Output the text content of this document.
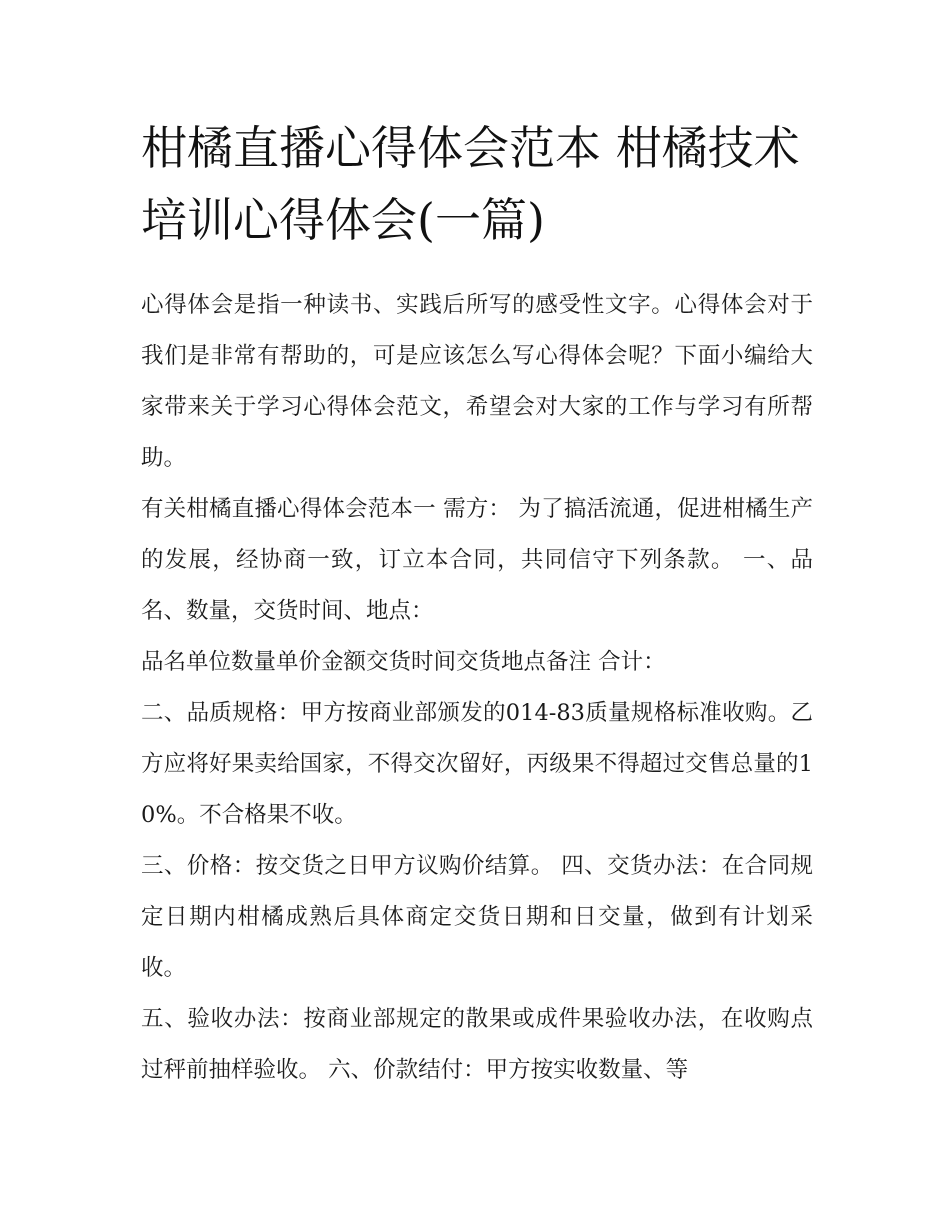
柑橘直播心得体会范本 柑橘技术培训心得体会(一篇)

心得体会是指一种读书、实践后所写的感受性文字。心得体会对于我们是非常有帮助的，可是应该怎么写心得体会呢？下面小编给大家带来关于学习心得体会范文，希望会对大家的工作与学习有所帮助。

有关柑橘直播心得体会范本一 需方： 为了搞活流通，促进柑橘生产的发展，经协商一致，订立本合同，共同信守下列条款。 一、品名、数量，交货时间、地点：

品名单位数量单价金额交货时间交货地点备注 合计：

二、品质规格：甲方按商业部颁发的014-83质量规格标准收购。乙方应将好果卖给国家，不得交次留好，丙级果不得超过交售总量的10%。不合格果不收。

三、价格：按交货之日甲方议购价结算。 四、交货办法：在合同规定日期内柑橘成熟后具体商定交货日期和日交量，做到有计划采收。

五、验收办法：按商业部规定的散果或成件果验收办法，在收购点过秤前抽样验收。 六、价款结付：甲方按实收数量、等
